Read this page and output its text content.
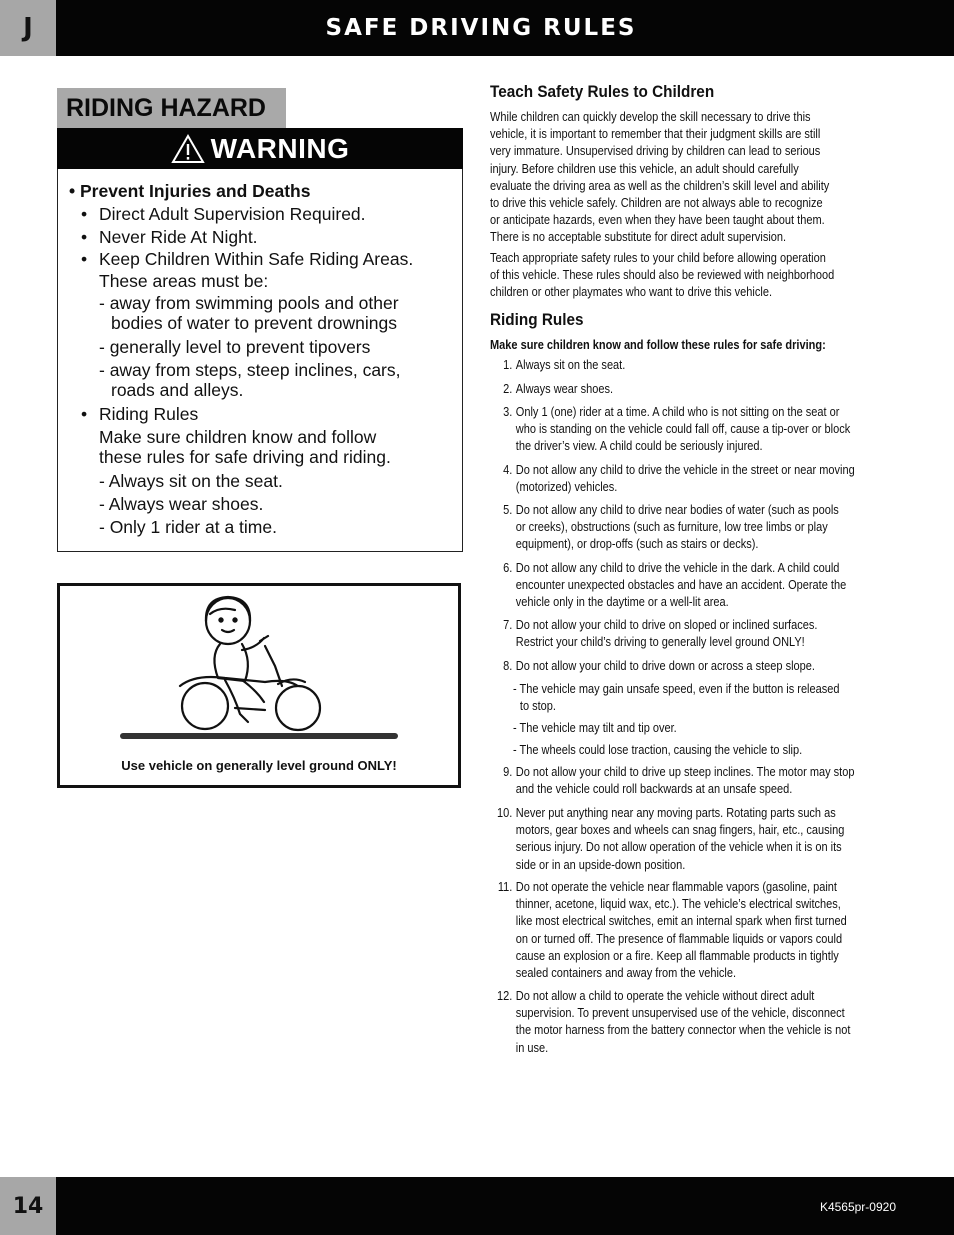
J	SAFE DRIVING RULES
RIDING HAZARD
WARNING

• Prevent Injuries and Deaths

• Direct Adult Supervision Required.

• Never Ride At Night.

• Keep Children Within Safe Riding Areas.

These areas must be:

- away from swimming pools and other

bodies of water to prevent drownings

- generally level to prevent tipovers

- away from steps, steep inclines, cars,

roads and alleys.

• Riding Rules

Make sure children know and follow

these rules for safe driving and riding.

- Always sit on the seat.

- Always wear shoes.

- Only 1 rider at a time.

Use vehicle on generally level ground ONLY!
Teach Safety Rules to Children
While children can quickly develop the skill necessary to drive this
vehicle, it is important to remember that their judgment skills are still
very immature. Unsupervised driving by children can lead to serious
injury. Before children use this vehicle, an adult should carefully
evaluate the driving area as well as the children’s skill level and ability
to drive this vehicle safely. Children are not always able to recognize
or anticipate hazards, even when they have been taught about them.
There is no acceptable substitute for direct adult supervision.
Teach appropriate safety rules to your child before allowing operation
of this vehicle. These rules should also be reviewed with neighborhood
children or other playmates who want to drive this vehicle.
Riding Rules
Make sure children know and follow these rules for safe driving:
1. Always sit on the seat.
2. Always wear shoes.
3. Only 1 (one) rider at a time. A child who is not sitting on the seat or
who is standing on the vehicle could fall off, cause a tip-over or block
the driver’s view. A child could be seriously injured.
4. Do not allow any child to drive the vehicle in the street or near moving
(motorized) vehicles.
5. Do not allow any child to drive near bodies of water (such as pools
or creeks), obstructions (such as furniture, low tree limbs or play
equipment), or drop-offs (such as stairs or decks).
6. Do not allow any child to drive the vehicle in the dark. A child could
encounter unexpected obstacles and have an accident. Operate the
vehicle only in the daytime or a well-lit area.
7. Do not allow your child to drive on sloped or inclined surfaces.
Restrict your child’s driving to generally level ground ONLY!
8. Do not allow your child to drive down or across a steep slope.
- The vehicle may gain unsafe speed, even if the button is released
to stop.
- The vehicle may tilt and tip over.
- The wheels could lose traction, causing the vehicle to slip.
9. Do not allow your child to drive up steep inclines. The motor may stop
and the vehicle could roll backwards at an unsafe speed.
10. Never put anything near any moving parts. Rotating parts such as
motors, gear boxes and wheels can snag fingers, hair, etc., causing
serious injury. Do not allow operation of the vehicle when it is on its
side or in an upside-down position.
11. Do not operate the vehicle near flammable vapors (gasoline, paint
thinner, acetone, liquid wax, etc.). The vehicle’s electrical switches,
like most electrical switches, emit an internal spark when first turned
on or turned off. The presence of flammable liquids or vapors could
cause an explosion or a fire. Keep all flammable products in tightly
sealed containers and away from the vehicle.
12. Do not allow a child to operate the vehicle without direct adult
supervision. To prevent unsupervised use of the vehicle, disconnect
the motor harness from the battery connector when the vehicle is not
in use.
14	K4565pr-0920
